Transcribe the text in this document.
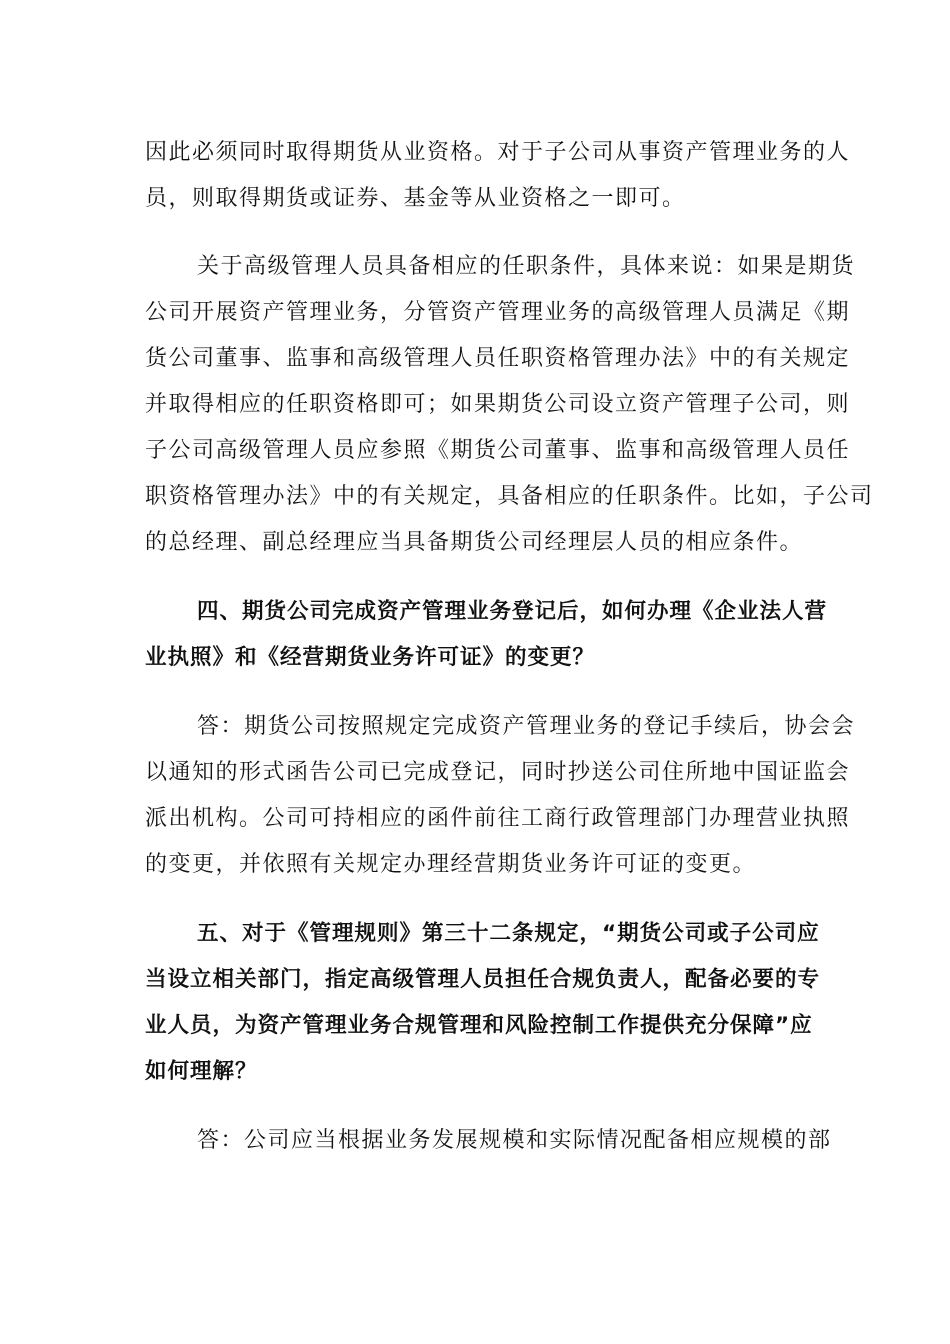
因此必须同时取得期货从业资格。对于子公司从事资产管理业务的人
员，则取得期货或证券、基金等从业资格之一即可。

关于高级管理人员具备相应的任职条件，具体来说：如果是期货
公司开展资产管理业务，分管资产管理业务的高级管理人员满足《期
货公司董事、监事和高级管理人员任职资格管理办法》中的有关规定
并取得相应的任职资格即可；如果期货公司设立资产管理子公司，则
子公司高级管理人员应参照《期货公司董事、监事和高级管理人员任
职资格管理办法》中的有关规定，具备相应的任职条件。比如，子公司
的总经理、副总经理应当具备期货公司经理层人员的相应条件。

四、期货公司完成资产管理业务登记后，如何办理《企业法人营
业执照》和《经营期货业务许可证》的变更？

答：期货公司按照规定完成资产管理业务的登记手续后，协会会
以通知的形式函告公司已完成登记，同时抄送公司住所地中国证监会
派出机构。公司可持相应的函件前往工商行政管理部门办理营业执照
的变更，并依照有关规定办理经营期货业务许可证的变更。

五、对于《管理规则》第三十二条规定，“期货公司或子公司应
当设立相关部门，指定高级管理人员担任合规负责人，配备必要的专
业人员，为资产管理业务合规管理和风险控制工作提供充分保障”应
如何理解？

答：公司应当根据业务发展规模和实际情况配备相应规模的部
